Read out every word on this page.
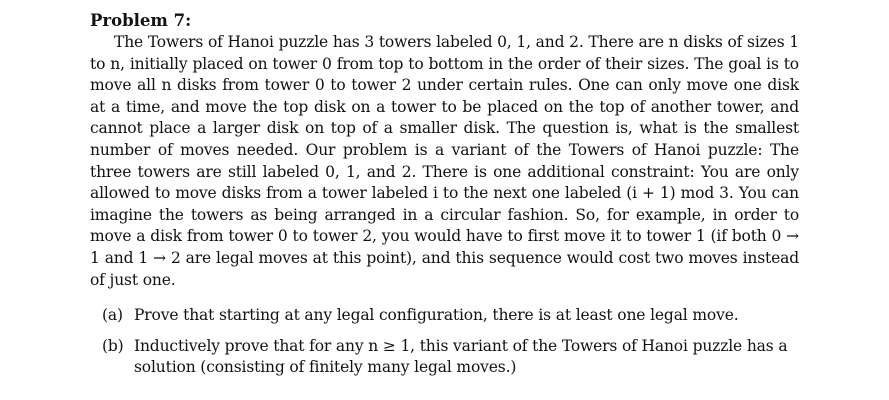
Problem 7:

The Towers of Hanoi puzzle has 3 towers labeled 0, 1, and 2. There are n disks of sizes 1 to n, initially placed on tower 0 from top to bottom in the order of their sizes. The goal is to move all n disks from tower 0 to tower 2 under certain rules. One can only move one disk at a time, and move the top disk on a tower to be placed on the top of another tower, and cannot place a larger disk on top of a smaller disk. The question is, what is the smallest number of moves needed. Our problem is a variant of the Towers of Hanoi puzzle: The three towers are still labeled 0, 1, and 2. There is one additional constraint: You are only allowed to move disks from a tower labeled i to the next one labeled (i + 1) mod 3. You can imagine the towers as being arranged in a circular fashion. So, for example, in order to move a disk from tower 0 to tower 2, you would have to first move it to tower 1 (if both 0 → 1 and 1 → 2 are legal moves at this point), and this sequence would cost two moves instead of just one.

(a) Prove that starting at any legal configuration, there is at least one legal move.
(b) Inductively prove that for any n ≥ 1, this variant of the Towers of Hanoi puzzle has a solution (consisting of finitely many legal moves.)
